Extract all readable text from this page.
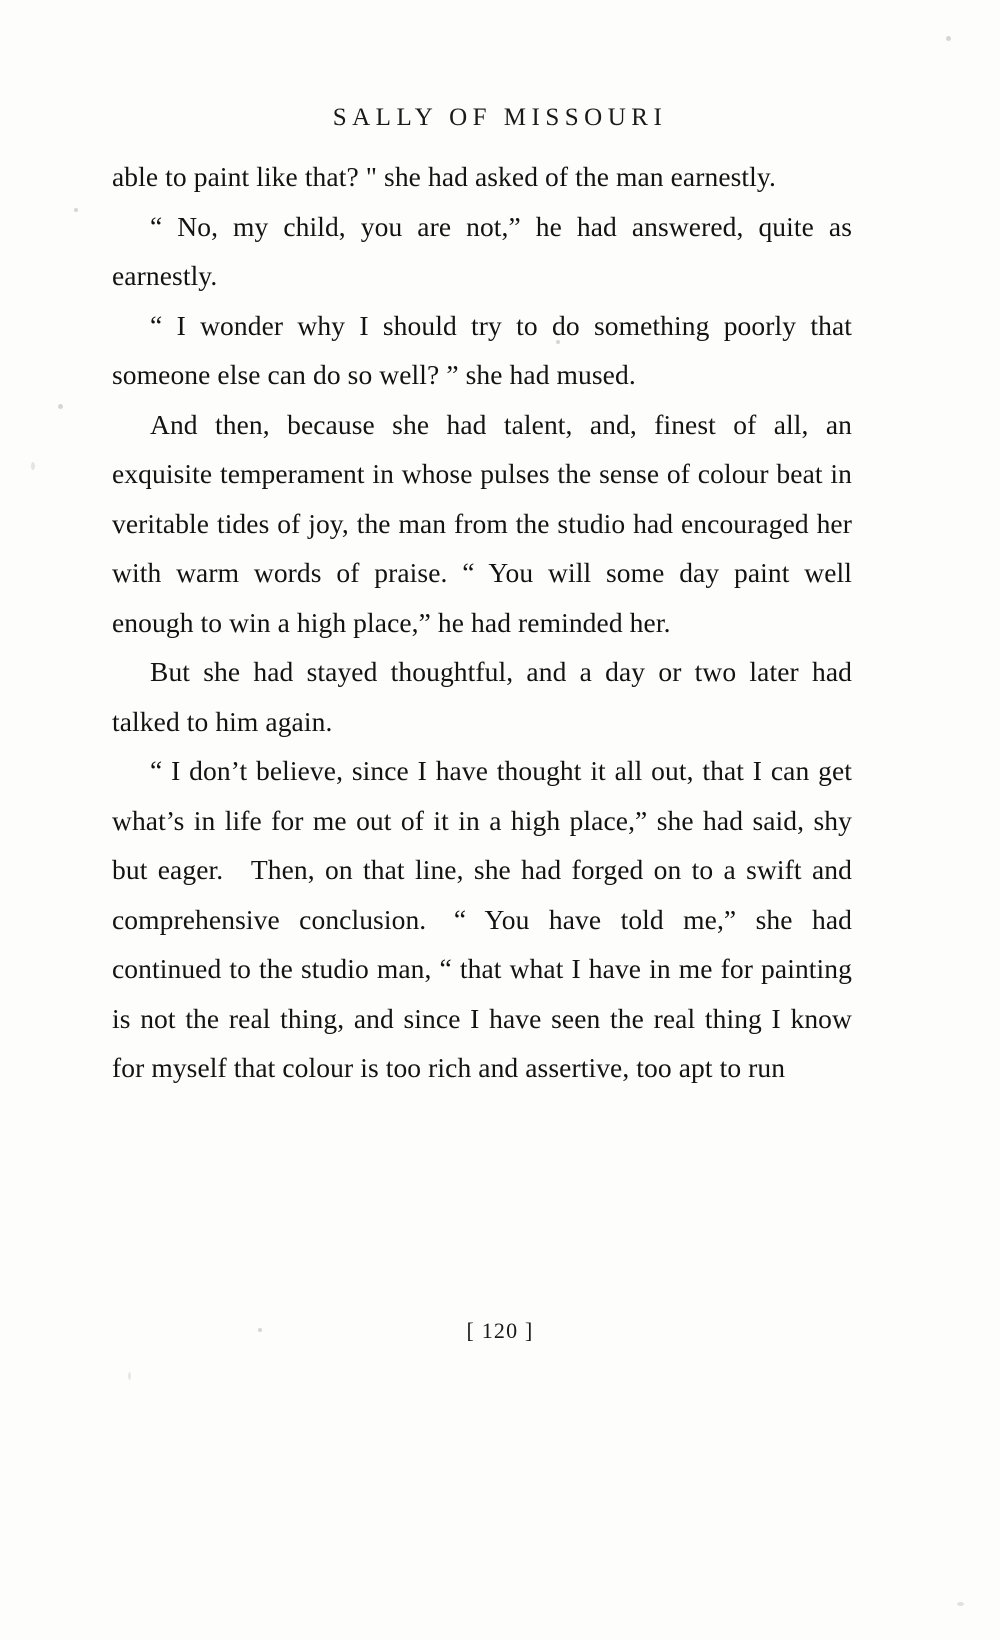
SALLY OF MISSOURI

able to paint like that? " she had asked of the man earnestly.

“ No, my child, you are not,” he had answered, quite as earnestly.

“ I wonder why I should try to do something poorly that someone else can do so well? ” she had mused.

And then, because she had talent, and, finest of all, an exquisite temperament in whose pulses the sense of colour beat in veritable tides of joy, the man from the studio had encouraged her with warm words of praise. “ You will some day paint well enough to win a high place,” he had reminded her.

But she had stayed thoughtful, and a day or two later had talked to him again.

“ I don’t believe, since I have thought it all out, that I can get what’s in life for me out of it in a high place,” she had said, shy but eager. Then, on that line, she had forged on to a swift and comprehensive conclusion. “ You have told me,” she had continued to the studio man, “ that what I have in me for painting is not the real thing, and since I have seen the real thing I know for myself that colour is too rich and assertive, too apt to run

[ 120 ]
